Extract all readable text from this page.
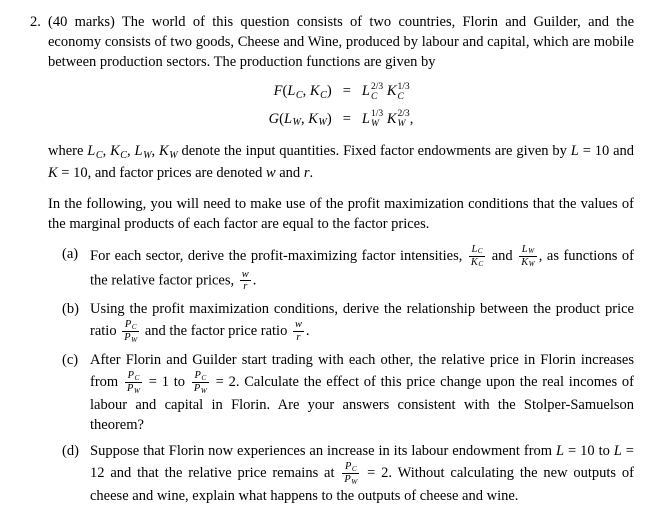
2. (40 marks) The world of this question consists of two countries, Florin and Guilder, and the economy consists of two goods, Cheese and Wine, produced by labour and capital, which are mobile between production sectors. The production functions are given by
F(LC, KC) = L 2/3
C K 1/3
C
G(LW, KW) = L 1/3
W K 2/3
W ,
where LC, KC, LW, KW denote the input quantities. Fixed factor endowments are given by L = 10 and K = 10, and factor prices are denoted w and r.
In the following, you will need to make use of the profit maximization conditions that the values of the marginal products of each factor are equal to the factor prices.
(a) For each sector, derive the profit-maximizing factor intensities, $\frac{LC}{KC}$ and $\frac{LW}{KW}$ , as functions of the relative factor prices, $\frac{w}{r}$ .
(b) Using the profit maximization conditions, derive the relationship between the product price ratio $\frac{PC}{PW}$ and the factor price ratio $\frac{w}{r}$ .
(c) After Florin and Guilder start trading with each other, the relative price in Florin increases from $\frac{PC}{PW} = 1$ to $\frac{PC}{PW} = 2$. Calculate the effect of this price change upon the real incomes of labour and capital in Florin. Are your answers consistent with the Stolper-Samuelson theorem?
(d) Suppose that Florin now experiences an increase in its labour endowment from L = 10 to L = 12 and that the relative price remains at $\frac{PC}{PW} = 2$. Without calculating the new outputs of cheese and wine, explain what happens to the outputs of cheese and wine.
